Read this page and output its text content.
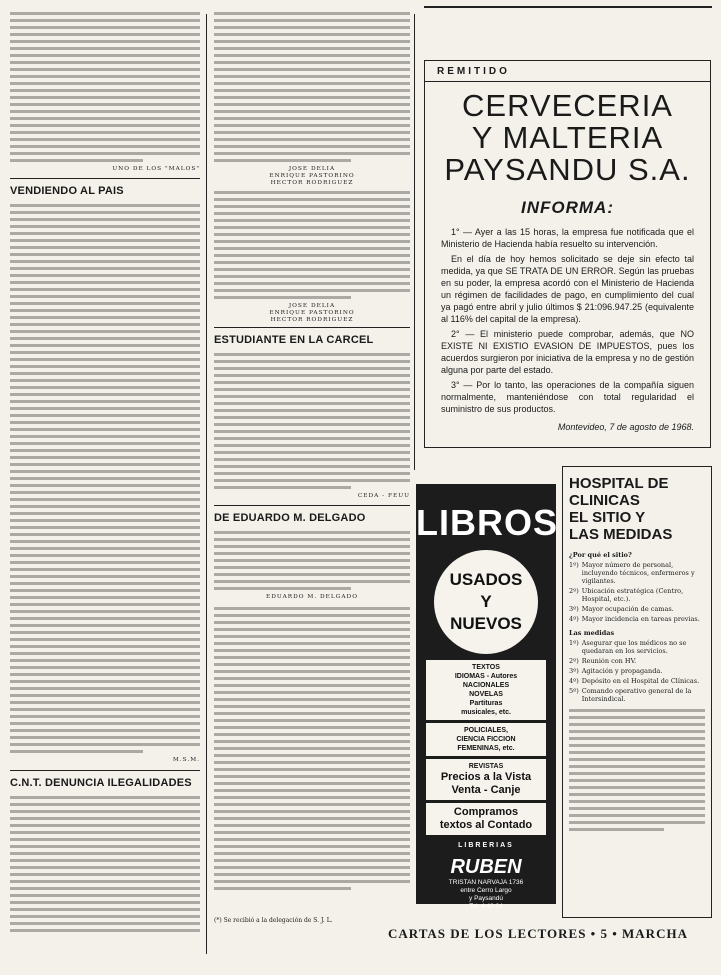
UNO DE LOS "MALOS"
VENDIENDO AL PAIS
M.S.M.
C.N.T. DENUNCIA ILEGALIDADES
JOSE DELIA
ENRIQUE PASTORINO
HECTOR RODRIGUEZ
JOSE DELIA
ENRIQUE PASTORINO
HECTOR RODRIGUEZ
ESTUDIANTE EN LA CARCEL
CEDA - FEUU
DE EDUARDO M. DELGADO
EDUARDO M. DELGADO
REMITIDO
CERVECERIA
Y MALTERIA
PAYSANDU S.A.
INFORMA:

1° — Ayer a las 15 horas, la empresa fue notificada que el Ministerio de Hacienda había resuelto su intervención.

En el día de hoy hemos solicitado se deje sin efecto tal medida, ya que SE TRATA DE UN ERROR. Según las pruebas en su poder, la empresa acordó con el Ministerio de Hacienda un régimen de facilidades de pago, en cumplimiento del cual ya pagó entre abril y julio últimos $ 21:096.947.25 (equivalente al 116% del capital de la empresa).

2° — El ministerio puede comprobar, además, que NO EXISTE NI EXISTIO EVASION DE IMPUESTOS, pues los acuerdos surgieron por iniciativa de la empresa y no de gestión alguna por parte del estado.

3° — Por lo tanto, las operaciones de la compañía siguen normalmente, manteniéndose con total regularidad el suministro de sus productos.

Montevideo, 7 de agosto de 1968.
LIBROS
USADOS
Y
NUEVOS
TEXTOS
IDIOMAS - Autores
NACIONALES
NOVELAS
Partituras
musicales, etc.
POLICIALES,
CIENCIA FICCION
FEMENINAS, etc.
REVISTAS
Precios a la Vista
Venta - Canje
Compramos
textos al Contado
LIBRERIAS
RUBEN
TRISTAN NARVAJA 1736
entre Cerro Largo
y Paysandú
Tel. 4 42 24
HOSPITAL DE
CLINICAS
EL SITIO Y
LAS MEDIDAS
¿Por qué el sitio?
1º) Mayor número de personal, incluyendo técnicos, enfermeros y vigilantes.
2º) Ubicación estratégica (Centro, Hospital, etc.).
3º) Mayor ocupación de camas.
4º) Mayor incidencia en tareas previas.
Las medidas
1º) Asegurar que los médicos no se quedaran en los servicios.
2º) Reunión con HV.
3º) Agitación y propaganda.
4º) Depósito en el Hospital de Clínicas.
5º) Comando operativo general de la Intersindical.
(*) Se recibió a la delegación de S. J. L.
CARTAS DE LOS LECTORES • 5 • MARCHA
